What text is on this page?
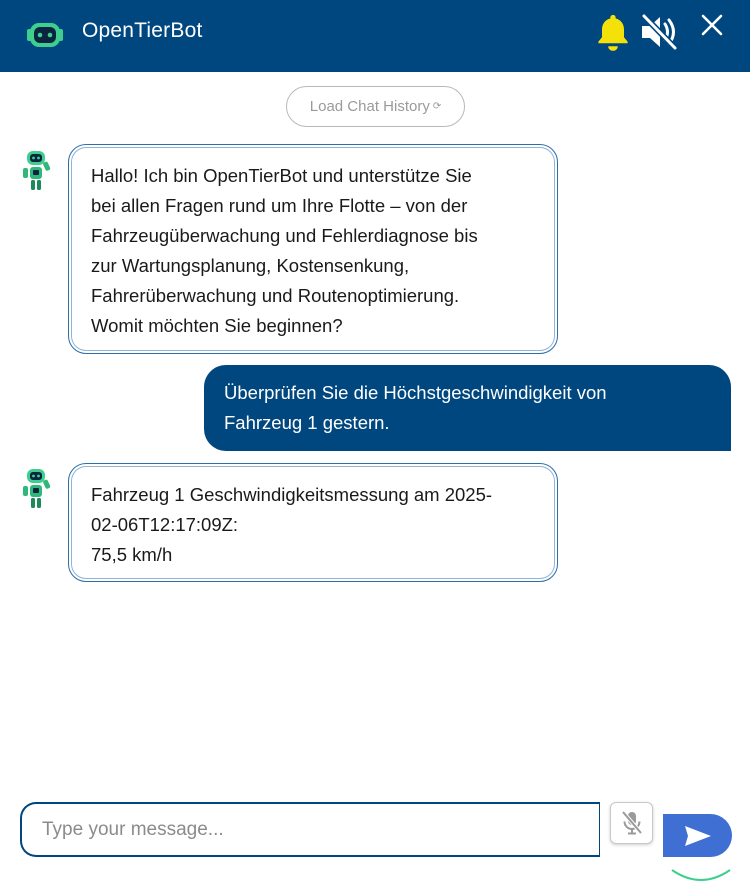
OpenTierBot
Load Chat History ⟳
Hallo! Ich bin OpenTierBot und unterstütze Sie
bei allen Fragen rund um Ihre Flotte – von der
Fahrzeugüberwachung und Fehlerdiagnose bis
zur Wartungsplanung, Kostensenkung,
Fahrerüberwachung und Routenoptimierung.
Womit möchten Sie beginnen?
Überprüfen Sie die Höchstgeschwindigkeit von
Fahrzeug 1 gestern.
Fahrzeug 1 Geschwindigkeitsmessung am 2025-
02-06T12:17:09Z:
75,5 km/h
Type your message...
